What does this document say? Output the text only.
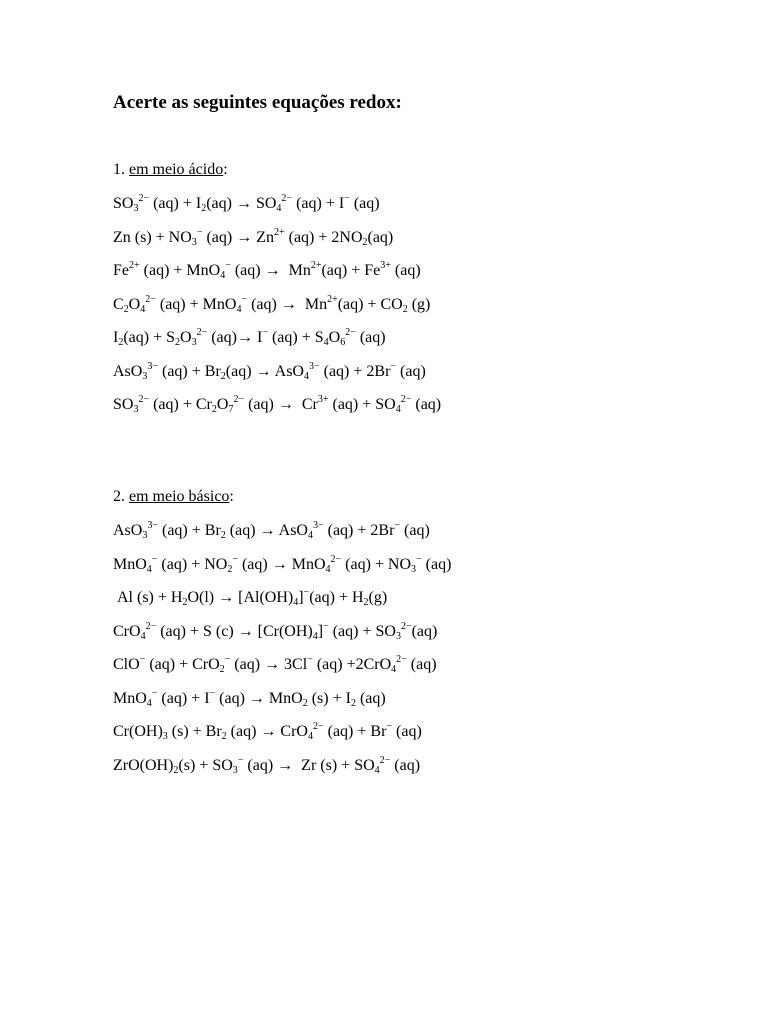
Acerte as seguintes equações redox:
1. em meio ácido:
$SO_3^{2-}$ $(aq) + I_2(aq) \to SO_4^{2-}$ (aq) + I− (aq)
Zn $(s) + NO_3^-$ $(aq) \to Zn^{2+}$ $(aq) + 2NO_2(aq)$
$Fe^{2+}$ (aq) + MnO$_4$− $(aq) \to Mn^{2+}(aq) + Fe^{3+}$ (aq)
$C_2O_4^{2-}$ (aq) + MnO$_4$− $(aq) \to Mn^{2+}(aq) + CO_2$ (g)
$I_2(aq) + S_2O_3^{2-}$ (aq)→ I− $(aq) + S_4O_6^{2-}$ (aq)
AsO$_3^{3-}$ $(aq) + Br_2(aq) \to AsO_4^{3-}$ (aq) + 2Br− (aq)
$SO_3^{2-}$ $(aq) + Cr_2O_7^{2-}$ $(aq) \to Cr^{3+}$ $(aq) + SO_4^{2-}$ (aq)
2. em meio básico:
AsO$_3^{3-}$ $(aq) + Br_2$ (aq) → AsO$_4^{3-}$ (aq) + 2Br− (aq)
MnO$_4$− $(aq) + NO_2^-$ (aq) → MnO$_4^{2-}$ $(aq) + NO_3^-$ (aq)
Al $(s) + H_2O(l) \to [Al(OH)_4]^-(aq) + H_2(g)$
CrO$_4^{2-}$ (aq) + S $(c) \to [Cr(OH)_4]^-$ $(aq) + SO_3^{2-}(aq)$
ClO− (aq) + CrO$_2$− (aq) → 3Cl− (aq) +2CrO$_4^{2-}$ (aq)
MnO$_4$− (aq) + I− (aq) → MnO$_2$ $(s) + I_2$ (aq)
$Cr(OH)_3$ $(s) + Br_2$ (aq) → CrO$_4^{2-}$ (aq) + Br− (aq)
$ZrO(OH)_2(s) + SO_3^-$ (aq) →  Zr $(s) + SO_4^{2-}$ (aq)
